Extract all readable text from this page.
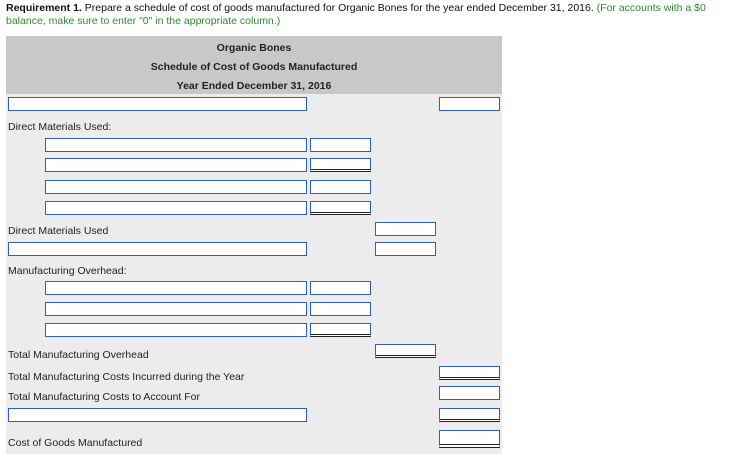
Requirement 1. Prepare a schedule of cost of goods manufactured for Organic Bones for the year ended December 31, 2016. (For accounts with a $0 balance, make sure to enter "0" in the appropriate column.)
Organic Bones
Schedule of Cost of Goods Manufactured
Year Ended December 31, 2016
Direct Materials Used:
Direct Materials Used
Manufacturing Overhead:
Total Manufacturing Overhead
Total Manufacturing Costs Incurred during the Year
Total Manufacturing Costs to Account For
Cost of Goods Manufactured
